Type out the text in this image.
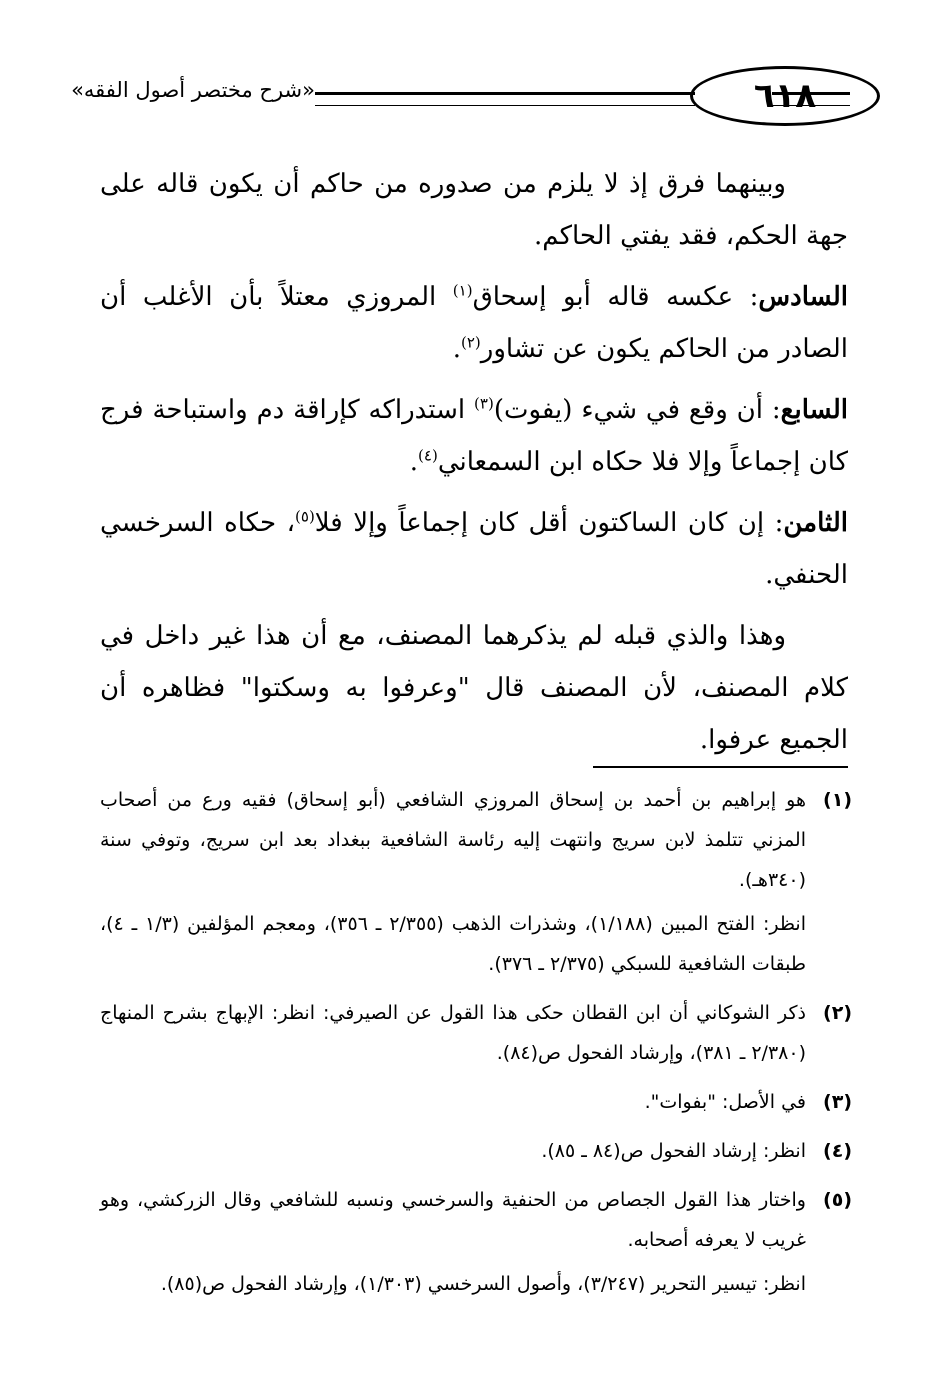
٦١٨
«شرح مختصر أصول الفقه»

وبينهما فرق إذ لا يلزم من صدوره من حاكم أن يكون قاله على جهة الحكم، فقد يفتي الحاكم.

السادس: عكسه قاله أبو إسحاق$^{(١)}$ المروزي معتلاً بأن الأغلب أن الصادر من الحاكم يكون عن تشاور$^{(٢)}$.

السابع: أن وقع في شيء (يفوت)$^{(٣)}$ استدراكه كإراقة دم واستباحة فرج كان إجماعاً وإلا فلا حكاه ابن السمعاني$^{(٤)}$.

الثامن: إن كان الساكتون أقل كان إجماعاً وإلا فلا$^{(٥)}$، حكاه السرخسي الحنفي.

وهذا والذي قبله لم يذكرهما المصنف، مع أن هذا غير داخل في كلام المصنف، لأن المصنف قال "وعرفوا به وسكتوا" فظاهره أن الجميع عرفوا.

(١)

هو إبراهيم بن أحمد بن إسحاق المروزي الشافعي (أبو إسحاق) فقيه ورع من أصحاب المزني تتلمذ لابن سريج وانتهت إليه رئاسة الشافعية ببغداد بعد ابن سريج، وتوفي سنة (٣٤٠هـ).

انظر: الفتح المبين (١/١٨٨)، وشذرات الذهب (٢/٣٥٥ ـ ٣٥٦)، ومعجم المؤلفين (١/٣ ـ ٤)، طبقات الشافعية للسبكي (٢/٣٧٥ ـ ٣٧٦).

(٢)

ذكر الشوكاني أن ابن القطان حكى هذا القول عن الصيرفي: انظر: الإبهاج بشرح المنهاج (٢/٣٨٠ ـ ٣٨١)، وإرشاد الفحول ص(٨٤).

(٣)

في الأصل: "بفوات".

(٤)

انظر: إرشاد الفحول ص(٨٤ ـ ٨٥).

(٥)

واختار هذا القول الجصاص من الحنفية والسرخسي ونسبه للشافعي وقال الزركشي، وهو غريب لا يعرفه أصحابه.

انظر: تيسير التحرير (٣/٢٤٧)، وأصول السرخسي (١/٣٠٣)، وإرشاد الفحول ص(٨٥).
